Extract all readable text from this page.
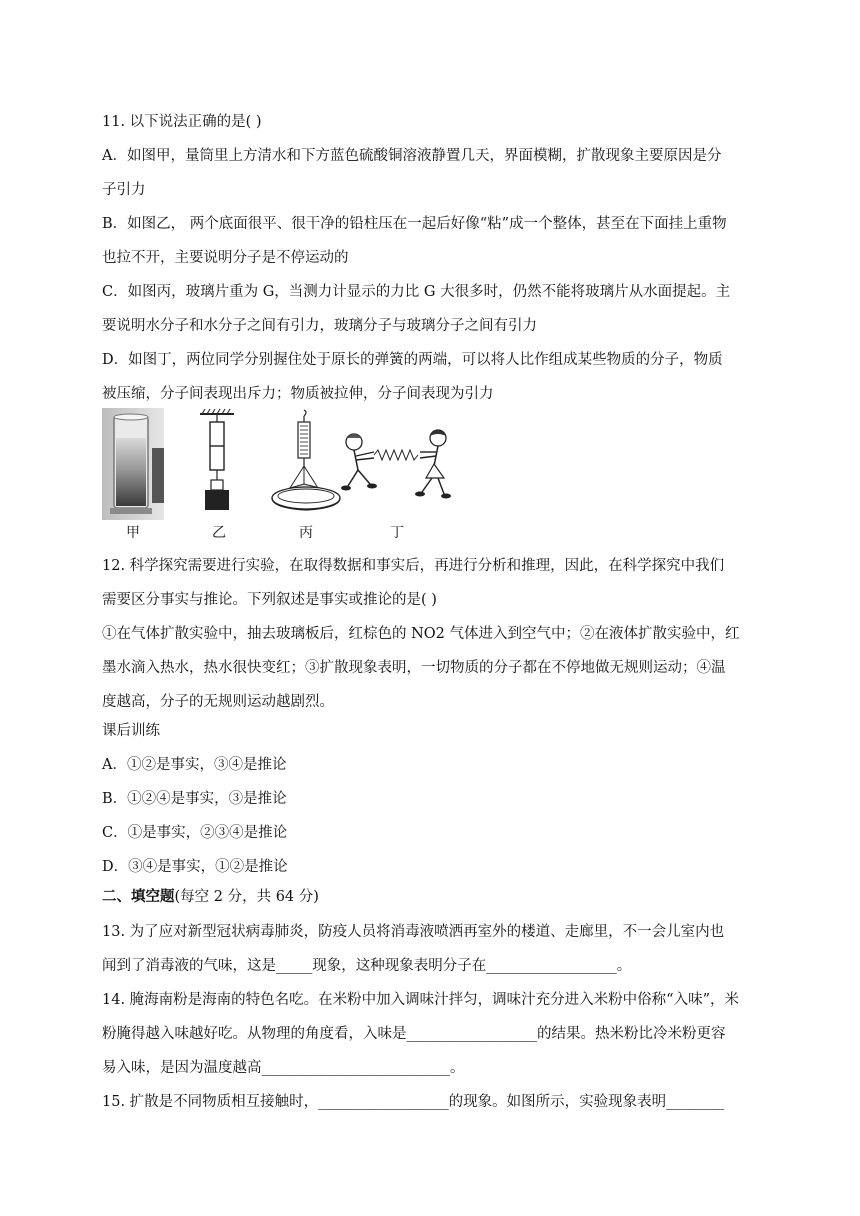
11. 以下说法正确的是( )
A．如图甲，量筒里上方清水和下方蓝色硫酸铜溶液静置几天，界面模糊，扩散现象主要原因是分
子引力
B．如图乙， 两个底面很平、很干净的铅柱压在一起后好像“粘”成一个整体，甚至在下面挂上重物
也拉不开，主要说明分子是不停运动的
C．如图丙，玻璃片重为 G，当测力计显示的力比 G 大很多时，仍然不能将玻璃片从水面提起。主
要说明水分子和水分子之间有引力，玻璃分子与玻璃分子之间有引力
D．如图丁，两位同学分别握住处于原长的弹簧的两端，可以将人比作组成某些物质的分子，物质
被压缩，分子间表现出斥力；物质被拉伸，分子间表现为引力
甲	乙	丙	丁
12. 科学探究需要进行实验，在取得数据和事实后，再进行分析和推理，因此，在科学探究中我们
需要区分事实与推论。下列叙述是事实或推论的是( )
①在气体扩散实验中，抽去玻璃板后，红棕色的 NO2 气体进入到空气中；②在液体扩散实验中，红
墨水滴入热水，热水很快变红；③扩散现象表明，一切物质的分子都在不停地做无规则运动；④温
度越高，分子的无规则运动越剧烈。
课后训练
A．①②是事实，③④是推论
B．①②④是事实，③是推论
C．①是事实，②③④是推论
D．③④是事实，①②是推论
二、填空题(每空 2 分，共 64 分)
13. 为了应对新型冠状病毒肺炎，防疫人员将消毒液喷洒再室外的楼道、走廊里，不一会儿室内也
闻到了消毒液的气味，这是_____现象，这种现象表明分子在__________________。
14. 腌海南粉是海南的特色名吃。在米粉中加入调味汁拌匀，调味汁充分进入米粉中俗称“入味”，米
粉腌得越入味越好吃。从物理的角度看，入味是__________________的结果。热米粉比冷米粉更容
易入味，是因为温度越高__________________________。
15. 扩散是不同物质相互接触时，__________________的现象。如图所示，实验现象表明________
